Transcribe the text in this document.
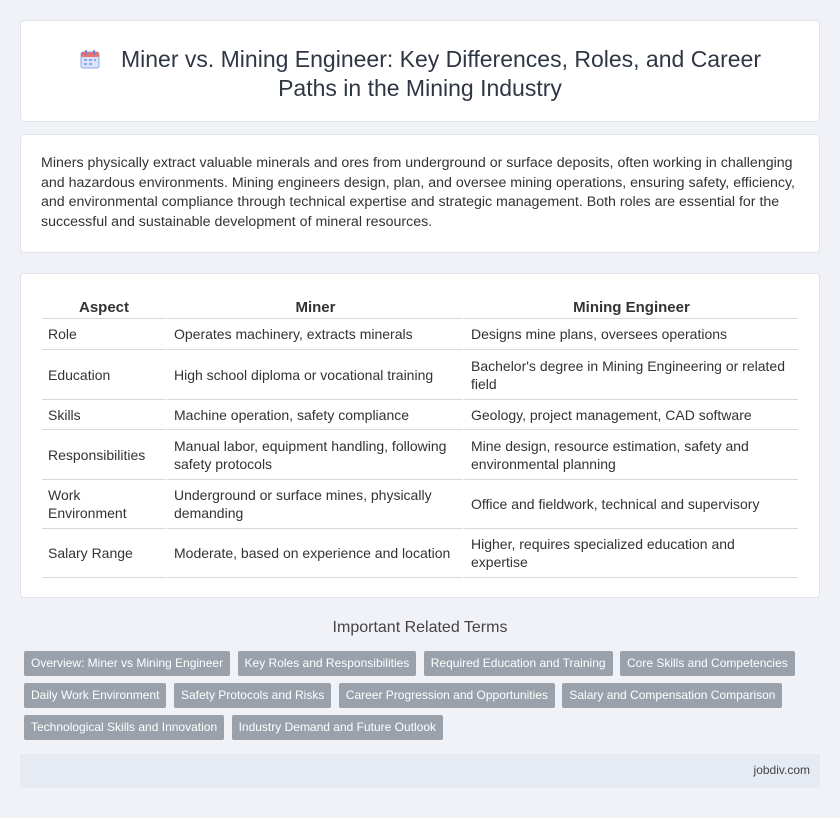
Miner vs. Mining Engineer: Key Differences, Roles, and Career Paths in the Mining Industry

Miners physically extract valuable minerals and ores from underground or surface deposits, often working in challenging and hazardous environments. Mining engineers design, plan, and oversee mining operations, ensuring safety, efficiency, and environmental compliance through technical expertise and strategic management. Both roles are essential for the successful and sustainable development of mineral resources.

Aspect	Miner	Mining Engineer
Role	Operates machinery, extracts minerals	Designs mine plans, oversees operations
Education	High school diploma or vocational training	Bachelor's degree in Mining Engineering or related field
Skills	Machine operation, safety compliance	Geology, project management, CAD software
Responsibilities	Manual labor, equipment handling, following safety protocols	Mine design, resource estimation, safety and environmental planning
Work Environment	Underground or surface mines, physically demanding	Office and fieldwork, technical and supervisory
Salary Range	Moderate, based on experience and location	Higher, requires specialized education and expertise
Important Related Terms
Overview: Miner vs Mining Engineer Key Roles and Responsibilities Required Education and Training Core Skills and Competencies
Daily Work Environment Safety Protocols and Risks Career Progression and Opportunities Salary and Compensation Comparison
Technological Skills and Innovation Industry Demand and Future Outlook
jobdiv.com
